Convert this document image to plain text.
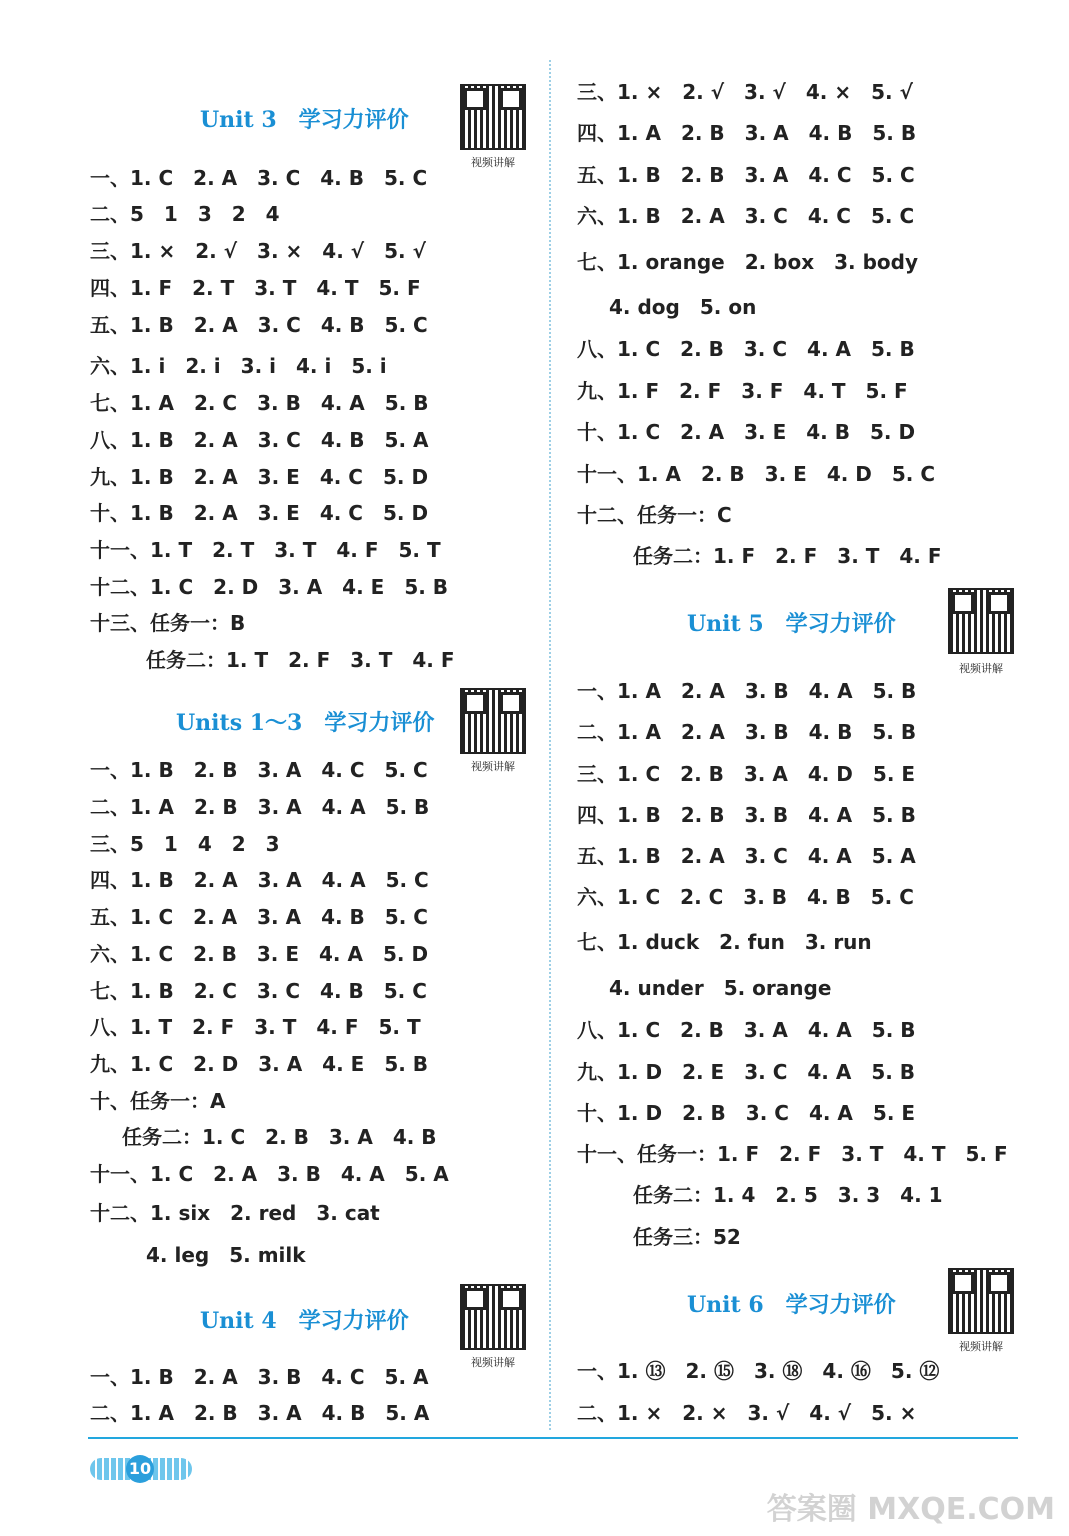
Unit 3　学习力评价
视频讲解
一、1. C　2. A　3. C　4. B　5. C
二、5　1　3　2　4
三、1. ×　2. √　3. ×　4. √　5. √
四、1. F　2. T　3. T　4. T　5. F
五、1. B　2. A　3. C　4. B　5. C
六、1. i　2. i　3. i　4. i　5. i
七、1. A　2. C　3. B　4. A　5. B
八、1. B　2. A　3. C　4. B　5. A
九、1. B　2. A　3. E　4. C　5. D
十、1. B　2. A　3. E　4. C　5. D
十一、1. T　2. T　3. T　4. F　5. T
十二、1. C　2. D　3. A　4. E　5. B
十三、任务一：B
任务二：1. T　2. F　3. T　4. F
Units 1～3　学习力评价
视频讲解
一、1. B　2. B　3. A　4. C　5. C
二、1. A　2. B　3. A　4. A　5. B
三、5　1　4　2　3
四、1. B　2. A　3. A　4. A　5. C
五、1. C　2. A　3. A　4. B　5. C
六、1. C　2. B　3. E　4. A　5. D
七、1. B　2. C　3. C　4. B　5. C
八、1. T　2. F　3. T　4. F　5. T
九、1. C　2. D　3. A　4. E　5. B
十、任务一：A
任务二：1. C　2. B　3. A　4. B
十一、1. C　2. A　3. B　4. A　5. A
十二、1. six　2. red　3. cat
4. leg　5. milk
Unit 4　学习力评价
视频讲解
一、1. B　2. A　3. B　4. C　5. A
二、1. A　2. B　3. A　4. B　5. A
三、1. ×　2. √　3. √　4. ×　5. √
四、1. A　2. B　3. A　4. B　5. B
五、1. B　2. B　3. A　4. C　5. C
六、1. B　2. A　3. C　4. C　5. C
七、1. orange　2. box　3. body
4. dog　5. on
八、1. C　2. B　3. C　4. A　5. B
九、1. F　2. F　3. F　4. T　5. F
十、1. C　2. A　3. E　4. B　5. D
十一、1. A　2. B　3. E　4. D　5. C
十二、任务一：C
任务二：1. F　2. F　3. T　4. F
Unit 5　学习力评价
视频讲解
一、1. A　2. A　3. B　4. A　5. B
二、1. A　2. A　3. B　4. B　5. B
三、1. C　2. B　3. A　4. D　5. E
四、1. B　2. B　3. B　4. A　5. B
五、1. B　2. A　3. C　4. A　5. A
六、1. C　2. C　3. B　4. B　5. C
七、1. duck　2. fun　3. run
4. under　5. orange
八、1. C　2. B　3. A　4. A　5. B
九、1. D　2. E　3. C　4. A　5. B
十、1. D　2. B　3. C　4. A　5. E
十一、任务一：1. F　2. F　3. T　4. T　5. F
任务二：1. 4　2. 5　3. 3　4. 1
任务三：52
Unit 6　学习力评价
视频讲解
一、1. ⑬　2. ⑮　3. ⑱　4. ⑯　5. ⑫
二、1. ×　2. ×　3. √　4. √　5. ×
10
答案圈 MXQE.COM
